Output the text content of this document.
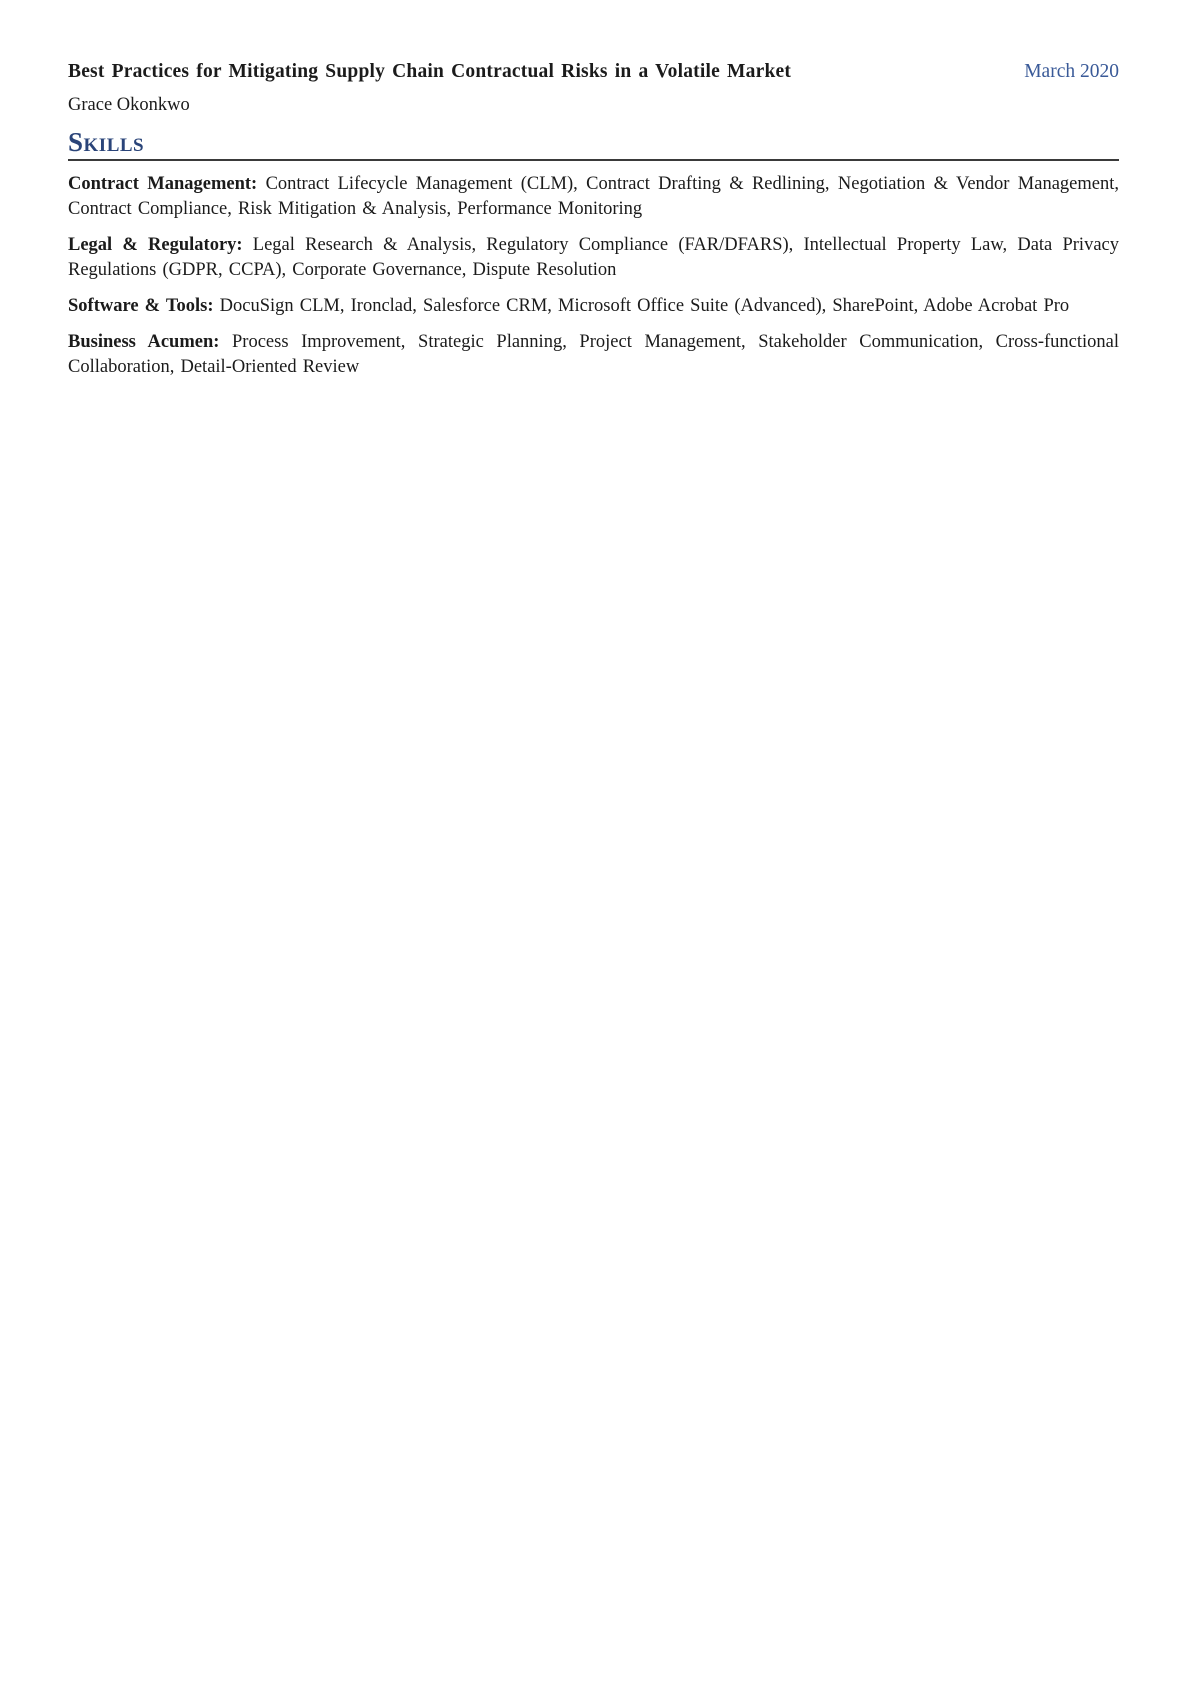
Best Practices for Mitigating Supply Chain Contractual Risks in a Volatile Market	March 2020
Grace Okonkwo
Skills

Contract Management: Contract Lifecycle Management (CLM), Contract Drafting & Redlining, Negotiation & Vendor Management, Contract Compliance, Risk Mitigation & Analysis, Performance Monitoring

Legal & Regulatory: Legal Research & Analysis, Regulatory Compliance (FAR/DFARS), Intellectual Property Law, Data Privacy Regulations (GDPR, CCPA), Corporate Governance, Dispute Resolution

Software & Tools: DocuSign CLM, Ironclad, Salesforce CRM, Microsoft Office Suite (Advanced), SharePoint, Adobe Acrobat Pro

Business Acumen: Process Improvement, Strategic Planning, Project Management, Stakeholder Communication, Cross-functional Collaboration, Detail-Oriented Review
